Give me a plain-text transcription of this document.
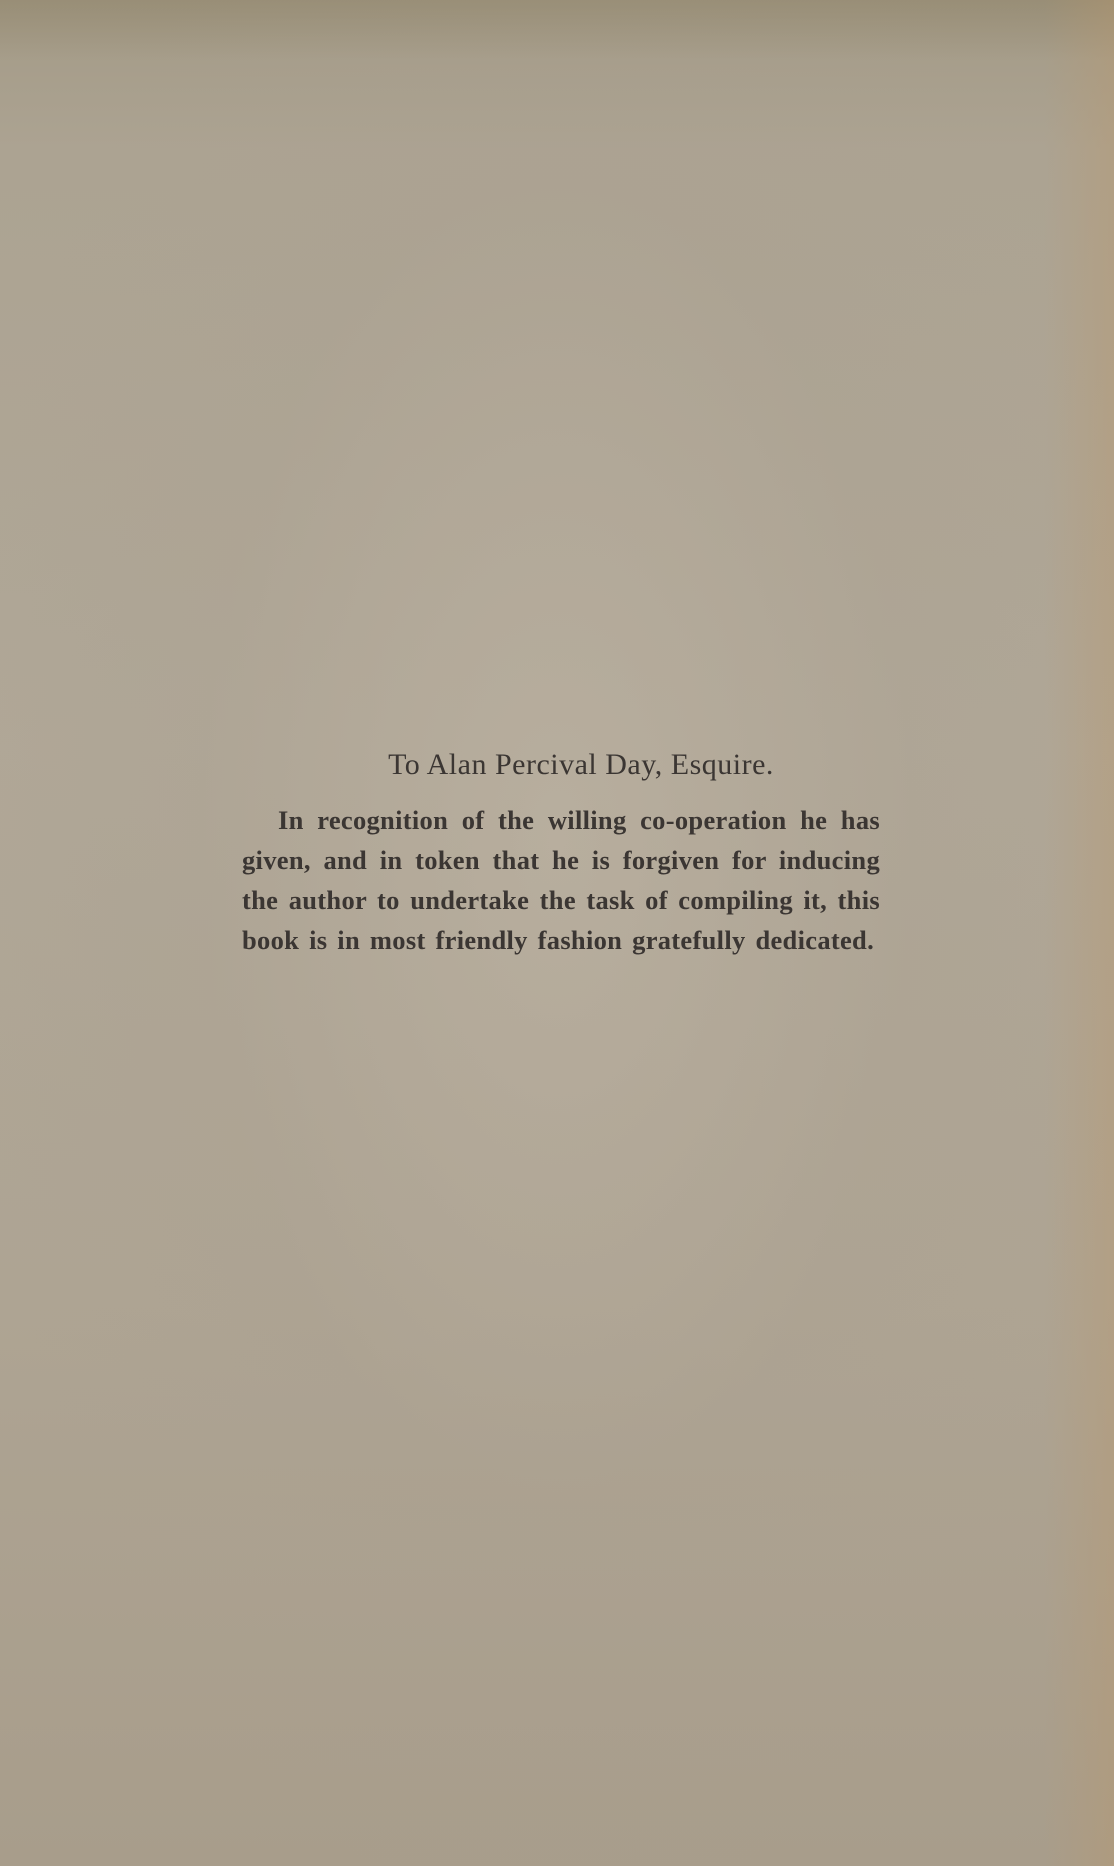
To Alan Percival Day, Esquire.

In recognition of the willing co-operation he has given, and in token that he is forgiven for inducing the author to undertake the task of compiling it, this book is in most friendly fashion gratefully dedicated.
